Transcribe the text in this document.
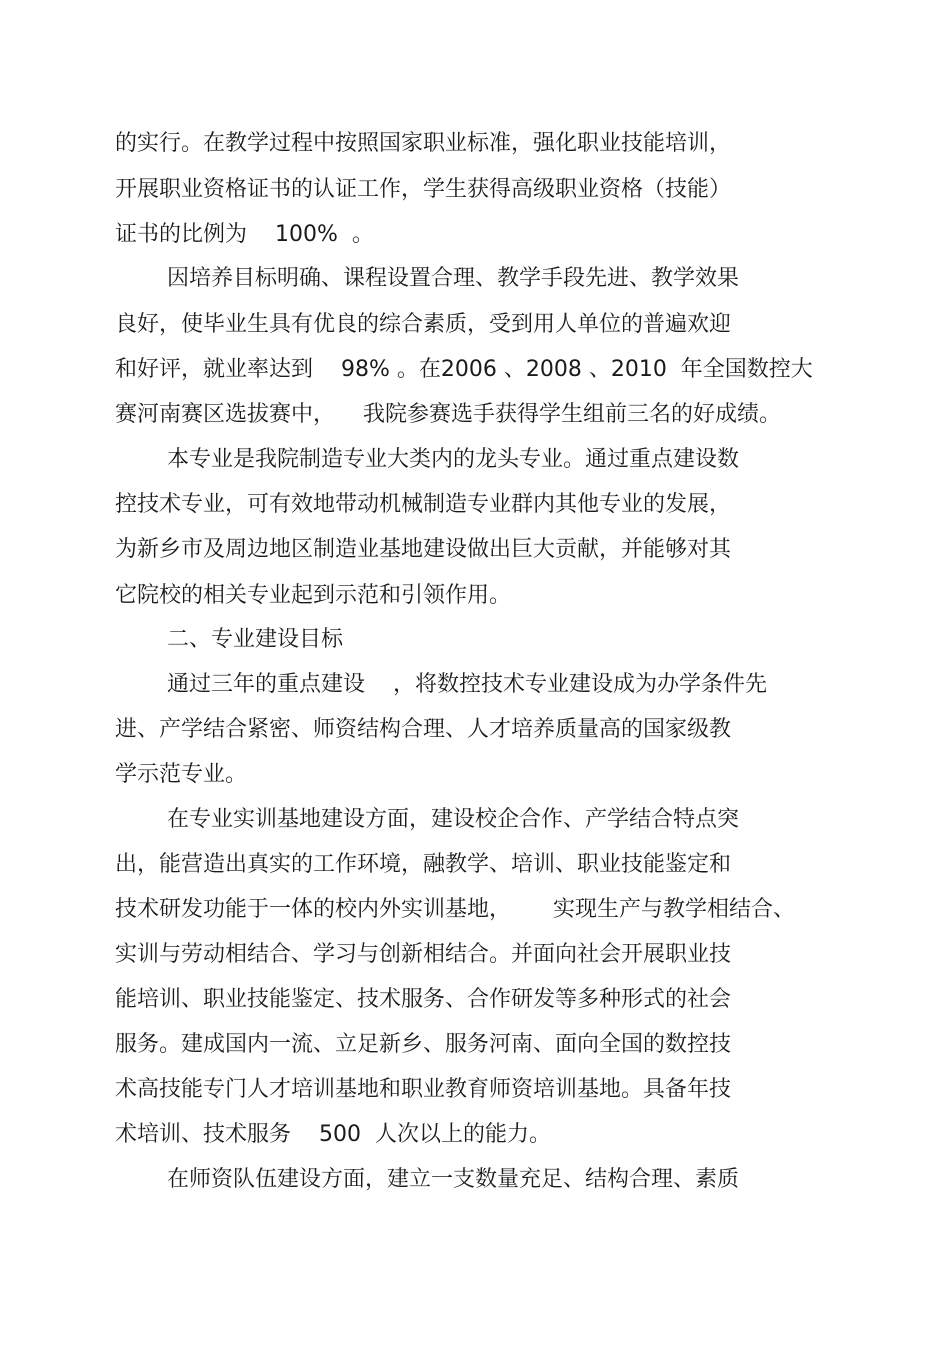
的实行。在教学过程中按照国家职业标准，强化职业技能培训，
开展职业资格证书的认证工作，学生获得高级职业资格（技能）
证书的比例为    100%  。
因培养目标明确、课程设置合理、教学手段先进、教学效果
良好，使毕业生具有优良的综合素质，受到用人单位的普遍欢迎
和好评，就业率达到    98% 。在2006 、2008 、2010  年全国数控大
赛河南赛区选拔赛中，    我院参赛选手获得学生组前三名的好成绩。
本专业是我院制造专业大类内的龙头专业。通过重点建设数
控技术专业，可有效地带动机械制造专业群内其他专业的发展，
为新乡市及周边地区制造业基地建设做出巨大贡献，并能够对其
它院校的相关专业起到示范和引领作用。
二、专业建设目标
通过三年的重点建设    ，将数控技术专业建设成为办学条件先
进、产学结合紧密、师资结构合理、人才培养质量高的国家级教
学示范专业。
在专业实训基地建设方面，建设校企合作、产学结合特点突
出，能营造出真实的工作环境，融教学、培训、职业技能鉴定和
技术研发功能于一体的校内外实训基地，      实现生产与教学相结合、
实训与劳动相结合、学习与创新相结合。并面向社会开展职业技
能培训、职业技能鉴定、技术服务、合作研发等多种形式的社会
服务。建成国内一流、立足新乡、服务河南、面向全国的数控技
术高技能专门人才培训基地和职业教育师资培训基地。具备年技
术培训、技术服务    500  人次以上的能力。
在师资队伍建设方面，建立一支数量充足、结构合理、素质
